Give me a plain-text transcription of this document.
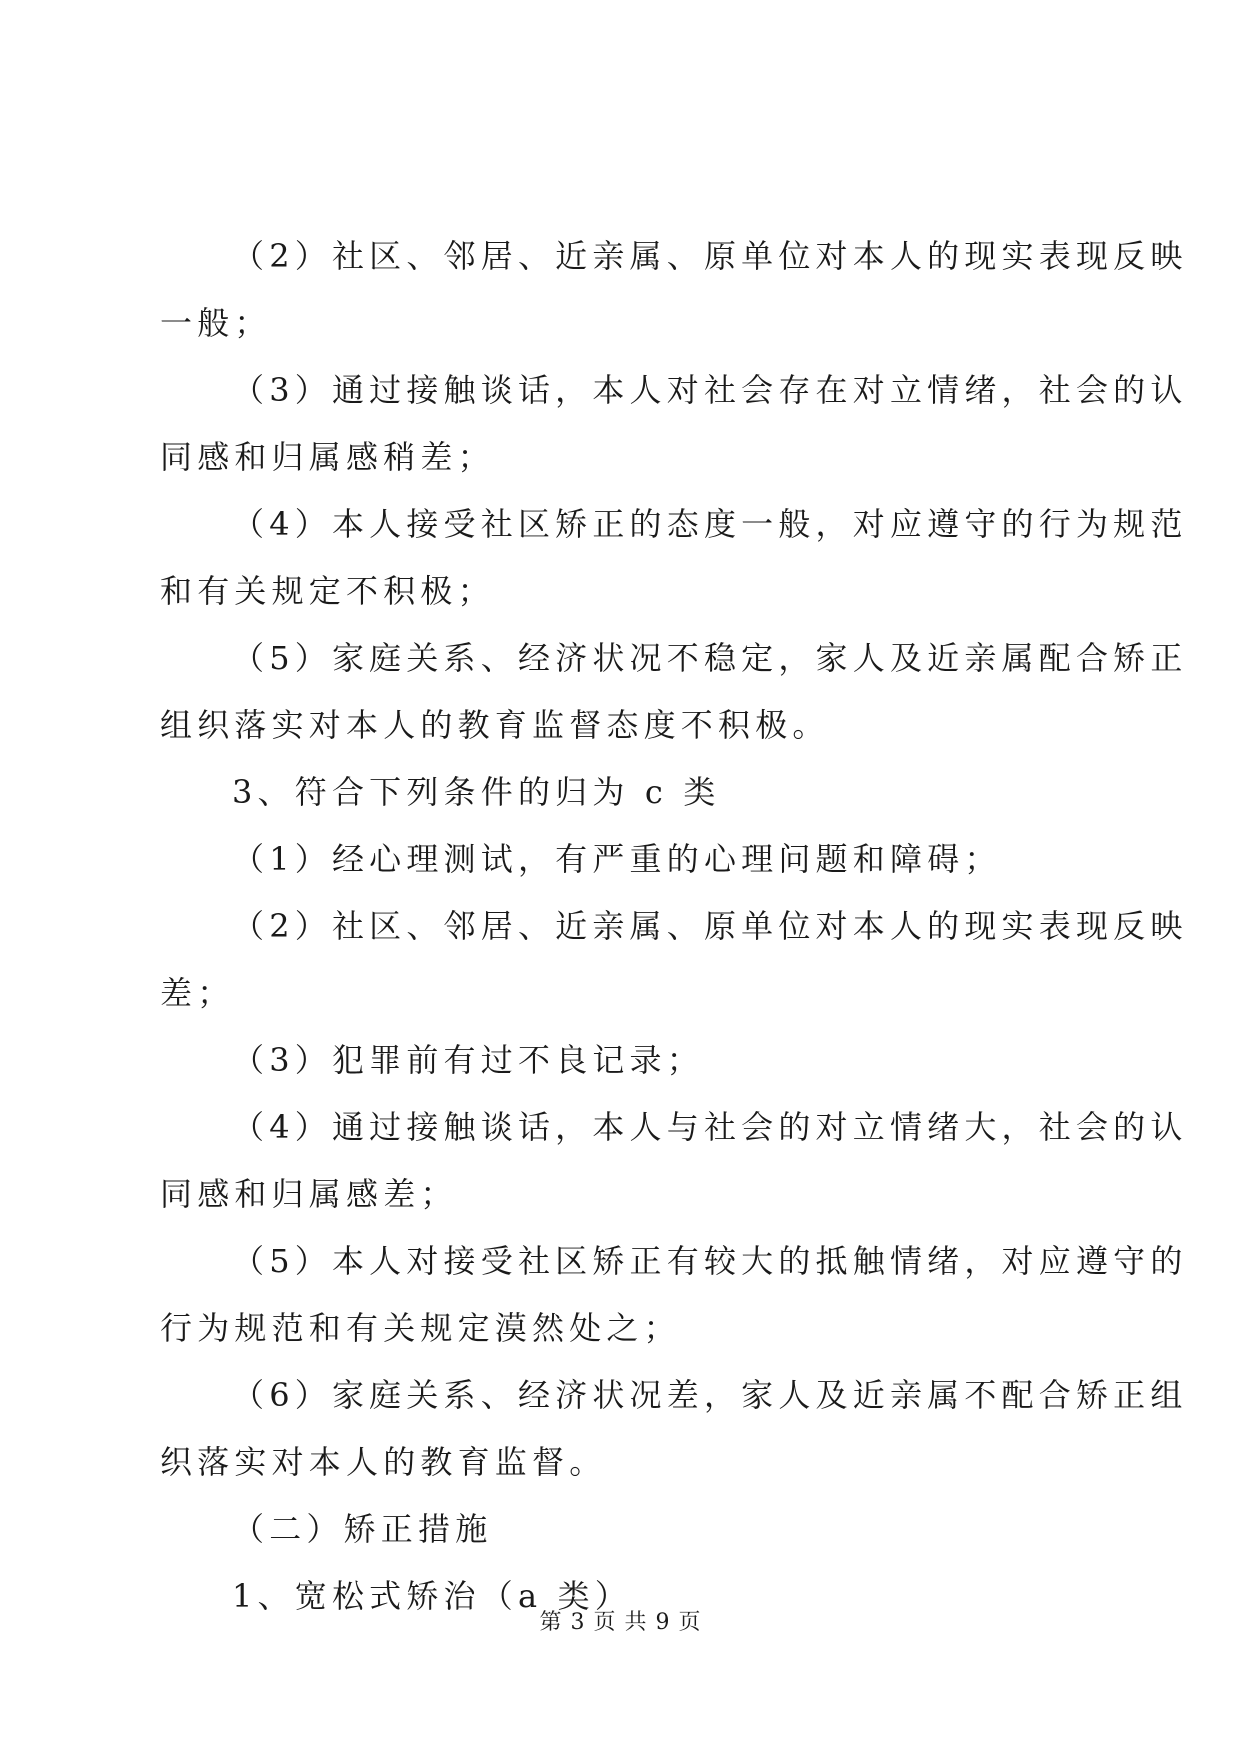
（2）社区、邻居、近亲属、原单位对本人的现实表现反映
一般；
（3）通过接触谈话，本人对社会存在对立情绪，社会的认
同感和归属感稍差；
（4）本人接受社区矫正的态度一般，对应遵守的行为规范
和有关规定不积极；
（5）家庭关系、经济状况不稳定，家人及近亲属配合矫正
组织落实对本人的教育监督态度不积极。
3、符合下列条件的归为 c 类
（1）经心理测试，有严重的心理问题和障碍；
（2）社区、邻居、近亲属、原单位对本人的现实表现反映
差；
（3）犯罪前有过不良记录；
（4）通过接触谈话，本人与社会的对立情绪大，社会的认
同感和归属感差；
（5）本人对接受社区矫正有较大的抵触情绪，对应遵守的
行为规范和有关规定漠然处之；
（6）家庭关系、经济状况差，家人及近亲属不配合矫正组
织落实对本人的教育监督。
（二）矫正措施
1、宽松式矫治（a 类）
第 3 页 共 9 页
